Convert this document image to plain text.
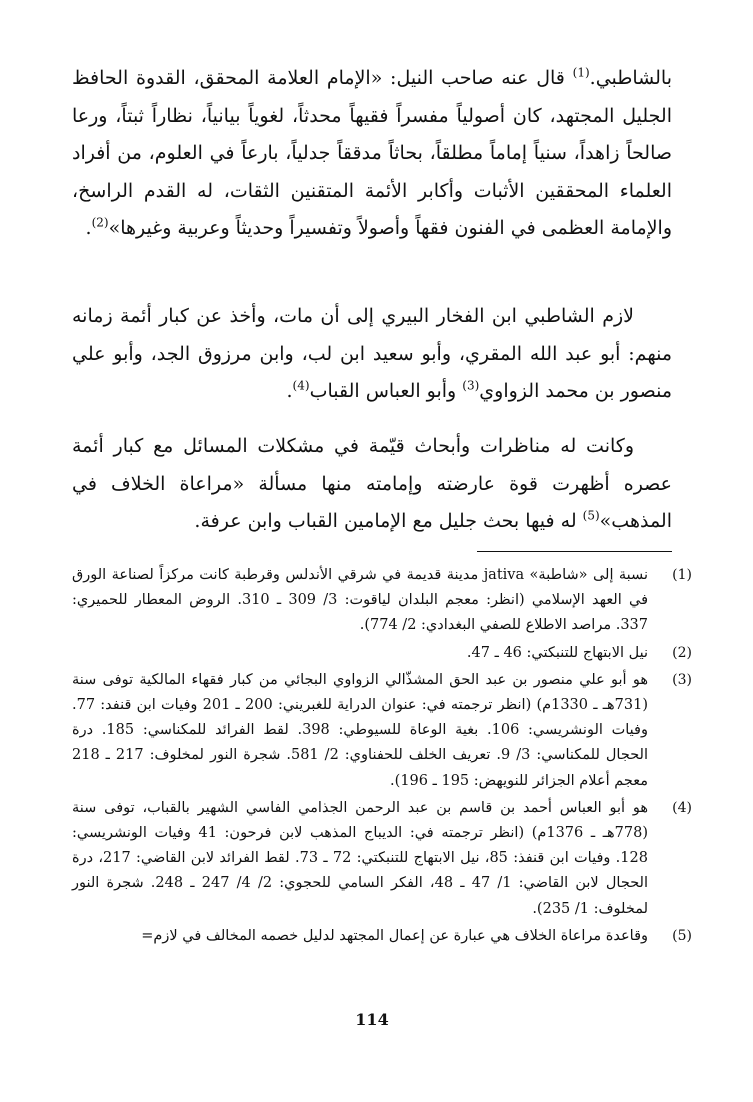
بالشاطبي.$^{(1)}$ قال عنه صاحب النيل: «الإمام العلامة المحقق، القدوة الحافظ الجليل المجتهد، كان أصولياً مفسراً فقيهاً محدثاً، لغوياً بيانياً، نظاراً ثبتاً، ورعا صالحاً زاهداً، سنياً إماماً مطلقاً، بحاثاً مدققاً جدلياً، بارعاً في العلوم، من أفراد العلماء المحققين الأثبات وأكابر الأئمة المتقنين الثقات، له القدم الراسخ، والإمامة العظمى في الفنون فقهاً وأصولاً وتفسيراً وحديثاً وعربية وغيرها»$^{(2)}$.

  لازم الشاطبي ابن الفخار البيري إلى أن مات، وأخذ عن كبار أئمة زمانه منهم: أبو عبد الله المقري، وأبو سعيد ابن لب، وابن مرزوق الجد، وأبو علي منصور بن محمد الزواوي$^{(3)}$ وأبو العباس القباب$^{(4)}$.

  وكانت له مناظرات وأبحاث قيّمة في مشكلات المسائل مع كبار أئمة عصره أظهرت قوة عارضته وإمامته منها مسألة «مراعاة الخلاف في المذهب»$^{(5)}$ له فيها بحث جليل مع الإمامين القباب وابن عرفة.

(1)
نسبة إلى «شاطبة» jativa مدينة قديمة في شرقي الأندلس وقرطبة كانت مركزاً لصناعة الورق في العهد الإسلامي (انظر: معجم البلدان لياقوت: 3/ 309 ـ 310. الروض المعطار للحميري: 337. مراصد الاطلاع للصفي البغدادي: 2/ 774).
(2)
نيل الابتهاج للتنبكتي: 46 ـ 47.
(3)
هو أبو علي منصور بن عبد الحق المشذّالي الزواوي البجائي من كبار فقهاء المالكية توفى سنة (731هـ ـ 1330م) (انظر ترجمته في: عنوان الدراية للغبريني: 200 ـ 201 وفيات ابن قنفد: 77. وفيات الونشريسي: 106. بغية الوعاة للسيوطي: 398. لقط الفرائد للمكناسي: 185. درة الحجال للمكناسي: 3/ 9. تعريف الخلف للحفناوي: 2/ 581. شجرة النور لمخلوف: 217 ـ 218 معجم أعلام الجزائر للنويهض: 195 ـ 196).
(4)
هو أبو العباس أحمد بن قاسم بن عبد الرحمن الجذامي الفاسي الشهير بالقباب، توفى سنة (778هـ ـ 1376م) (انظر ترجمته في: الديباج المذهب لابن فرحون: 41 وفيات الونشريسي: 128. وفيات ابن قنفذ: 85، نيل الابتهاج للتنبكتي: 72 ـ 73. لقط الفرائد لابن القاضي: 217، درة الحجال لابن القاضي: 1/ 47 ـ 48، الفكر السامي للحجوي: 2/ 4/ 247 ـ 248. شجرة النور لمخلوف: 1/ 235).
(5)
وقاعدة مراعاة الخلاف هي عبارة عن إعمال المجتهد لدليل خصمه المخالف في لازم=
114
